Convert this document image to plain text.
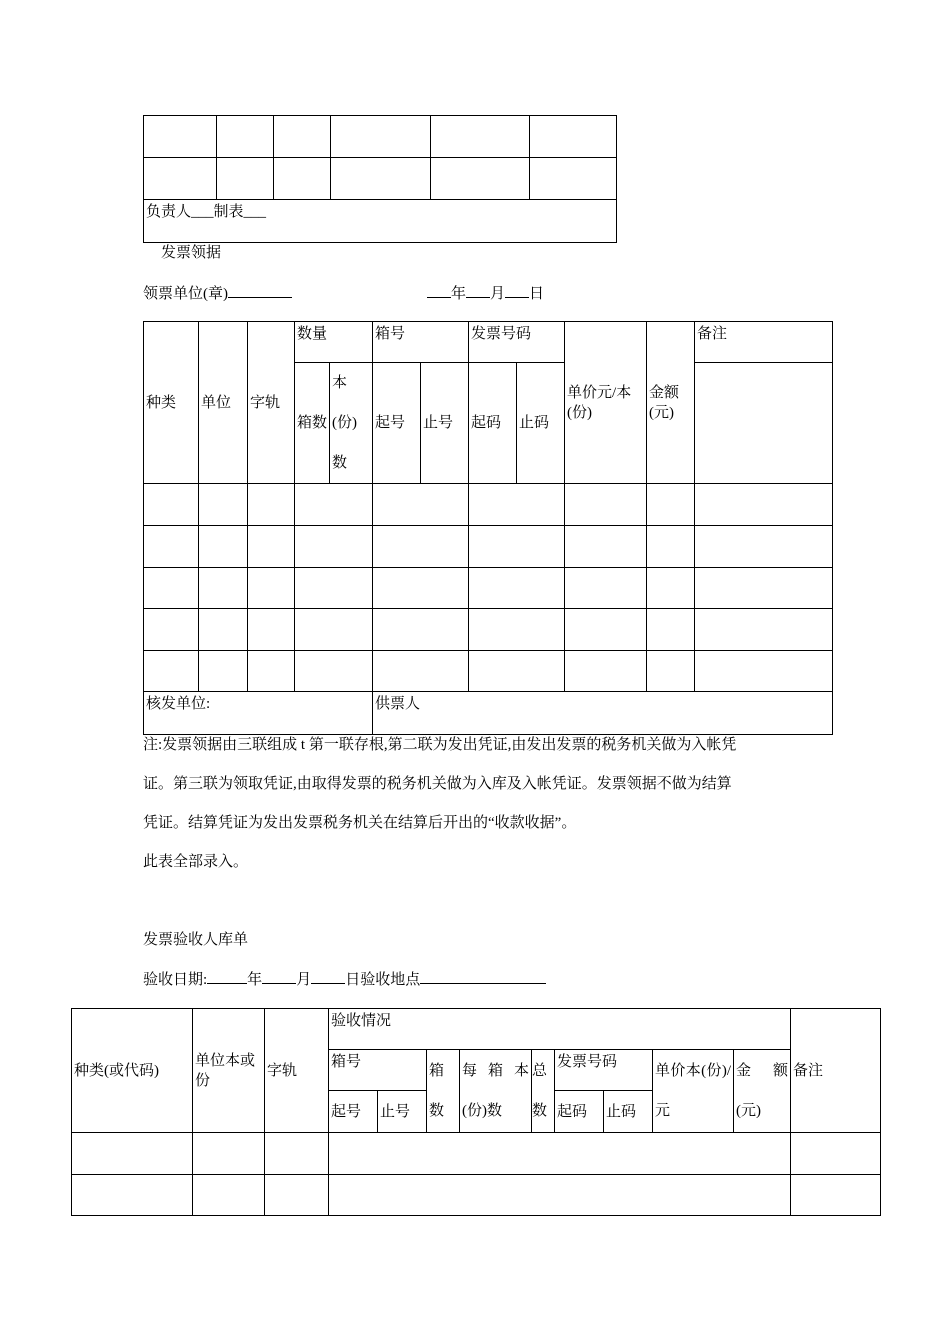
负责人___制表___					
发票领据
领票单位(章)	年 月 日
种类	单位	字轨	数量		箱号		发票号码		单价元/本(份)	金额(元)	备注
			箱数	本(份)数	起号	止号	起码	止码			

核发单位:					供票人						
注:发票领据由三联组成 t 第一联存根,第二联为发出凭证,由发出发票的税务机关做为入帐凭
证。第三联为领取凭证,由取得发票的税务机关做为入库及入帐凭证。发票领据不做为结算
凭证。结算凭证为发出发票税务机关在结算后开出的“收款收据”。
此表全部录入。
发票验收人库单
验收日期:	年 月 日验收地点
种类(或代码)	单位本或份	字轨	验收情况									备注
			箱号		箱数	每箱本(份)数	总数	发票号码		单价本(份)/元	金额(元)	
			起号	止号				起码	止码			
